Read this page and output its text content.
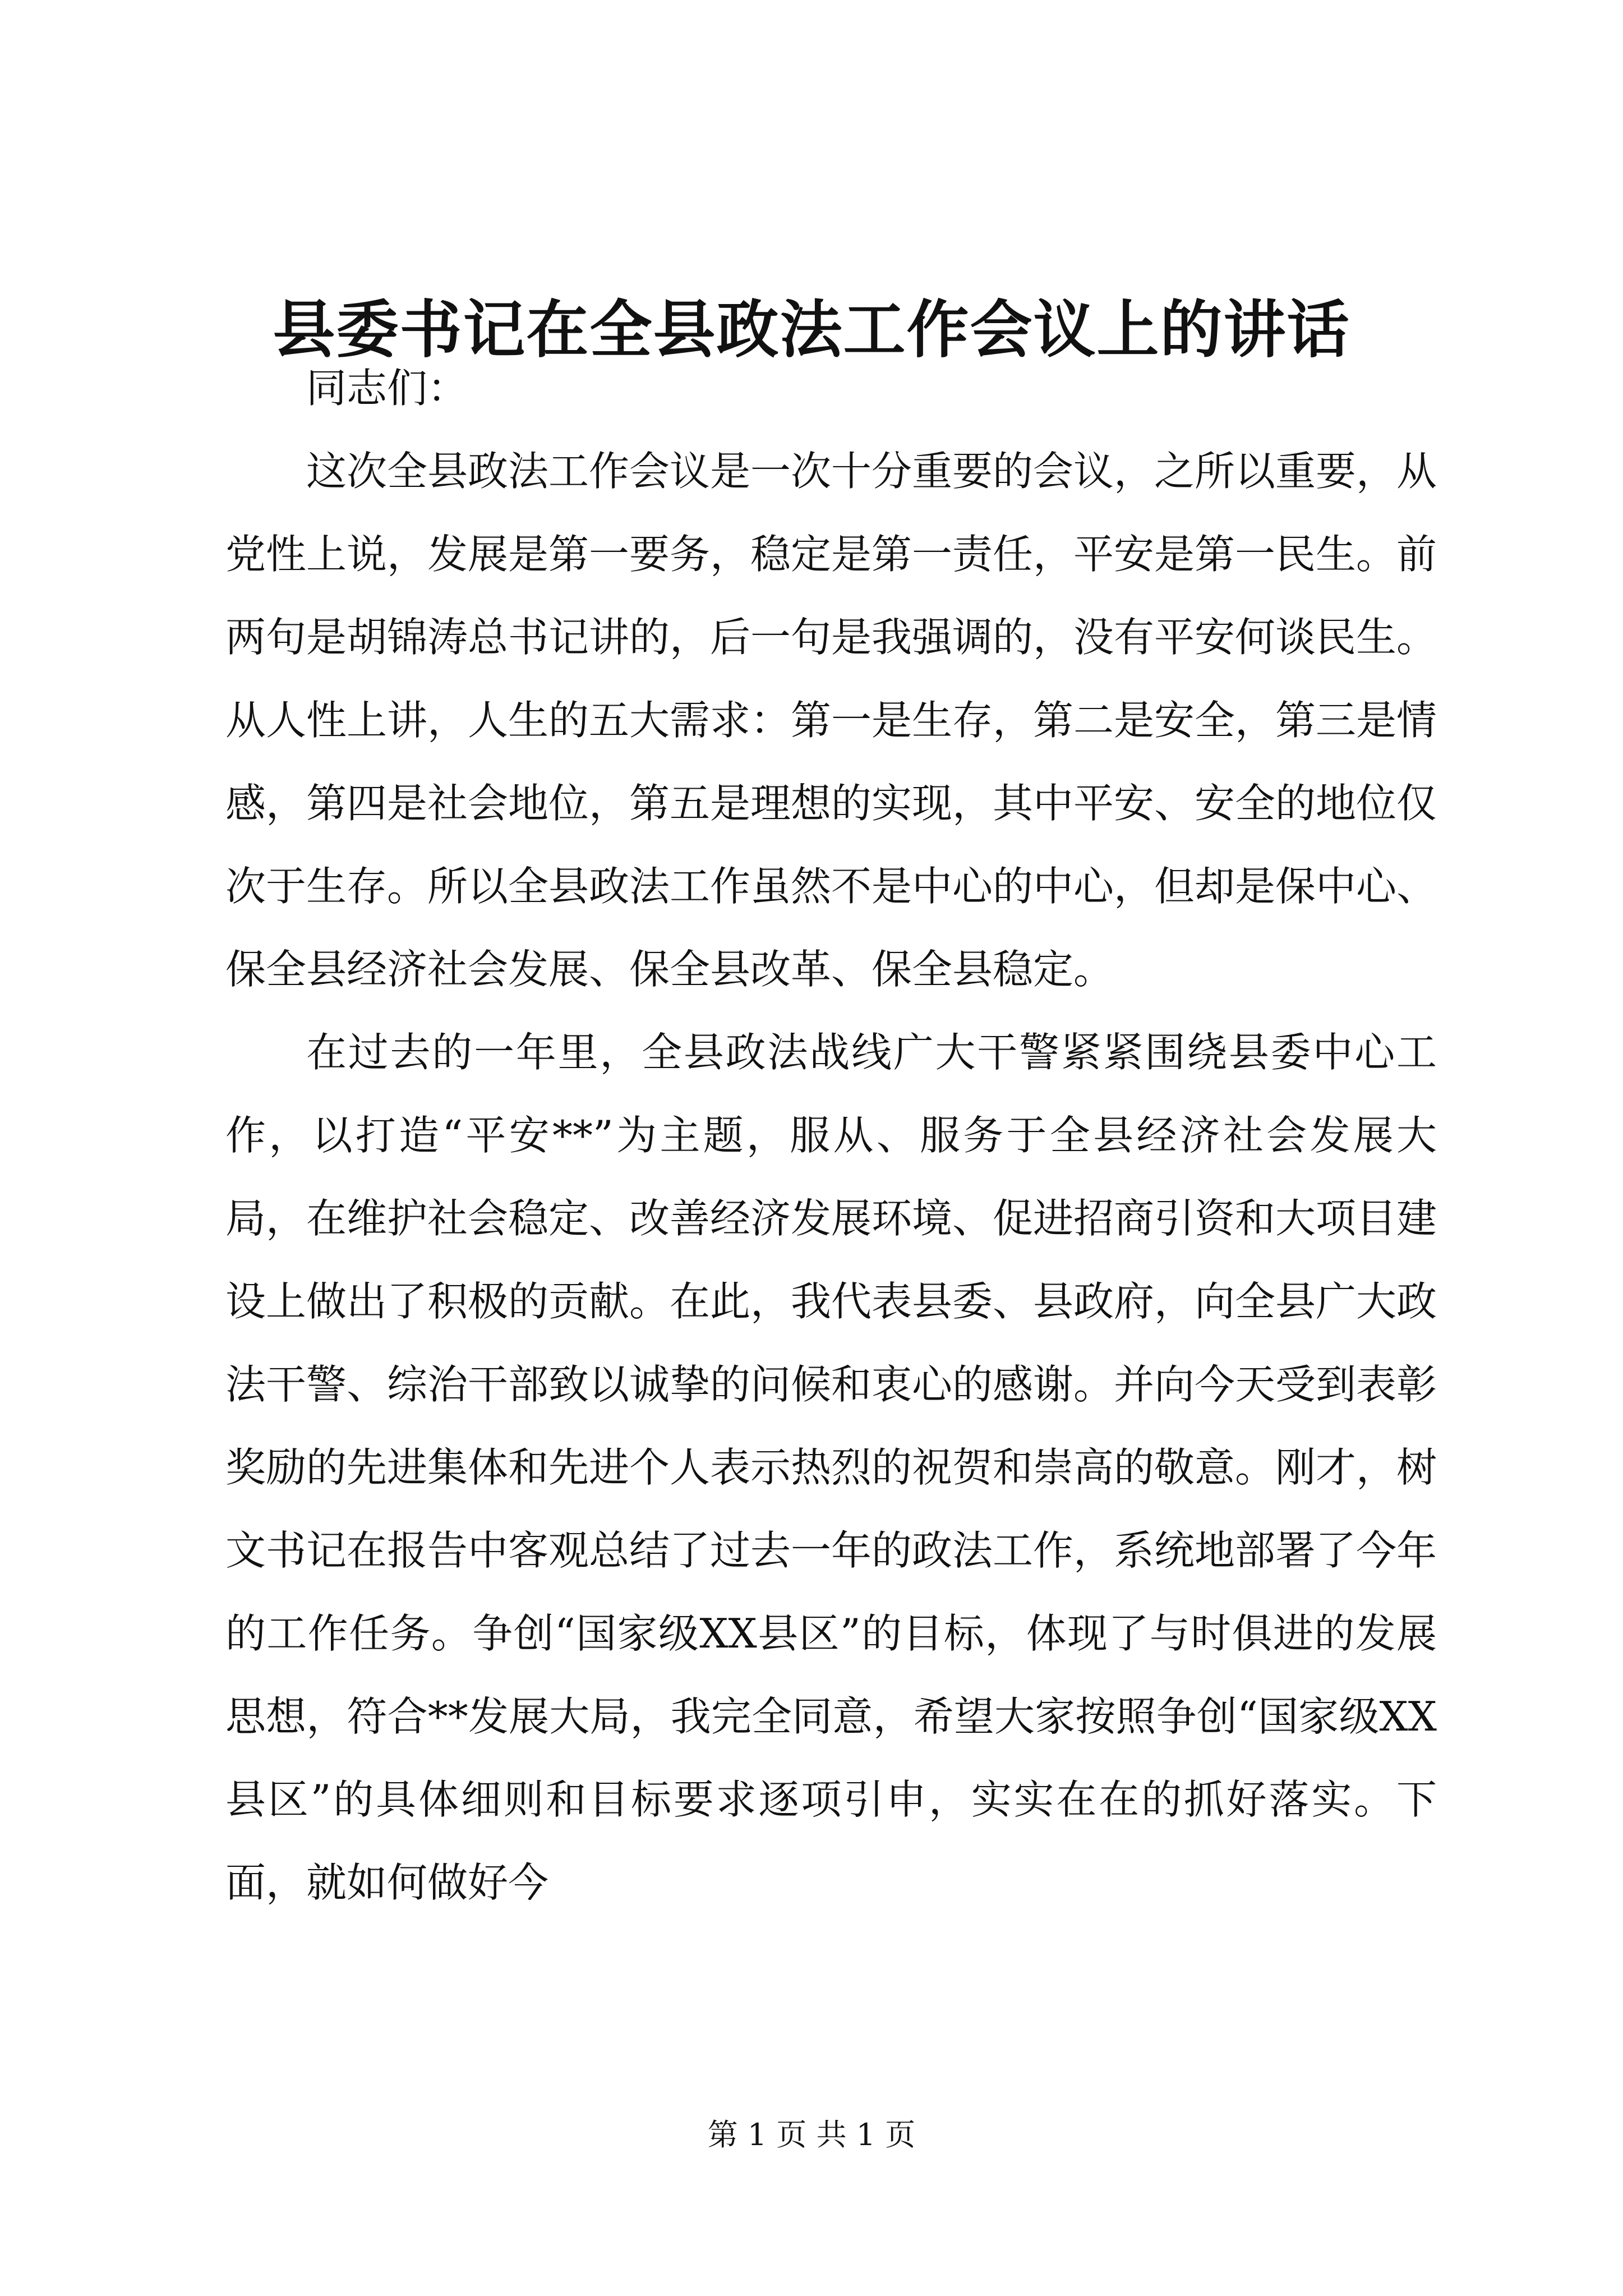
县委书记在全县政法工作会议上的讲话

同志们：

这次全县政法工作会议是一次十分重要的会议，之所以重要，从党性上说，发展是第一要务，稳定是第一责任，平安是第一民生。前两句是胡锦涛总书记讲的，后一句是我强调的，没有平安何谈民生。从人性上讲，人生的五大需求：第一是生存，第二是安全，第三是情感，第四是社会地位，第五是理想的实现，其中平安、安全的地位仅次于生存。所以全县政法工作虽然不是中心的中心，但却是保中心、保全县经济社会发展、保全县改革、保全县稳定。

在过去的一年里，全县政法战线广大干警紧紧围绕县委中心工作，以打造“平安**”为主题，服从、服务于全县经济社会发展大局，在维护社会稳定、改善经济发展环境、促进招商引资和大项目建设上做出了积极的贡献。在此，我代表县委、县政府，向全县广大政法干警、综治干部致以诚挚的问候和衷心的感谢。并向今天受到表彰奖励的先进集体和先进个人表示热烈的祝贺和崇高的敬意。刚才，树文书记在报告中客观总结了过去一年的政法工作，系统地部署了今年的工作任务。争创“国家级XX县区”的目标，体现了与时俱进的发展思想，符合**发展大局，我完全同意，希望大家按照争创“国家级XX县区”的具体细则和目标要求逐项引申，实实在在的抓好落实。下面，就如何做好今

第 1 页 共 1 页
